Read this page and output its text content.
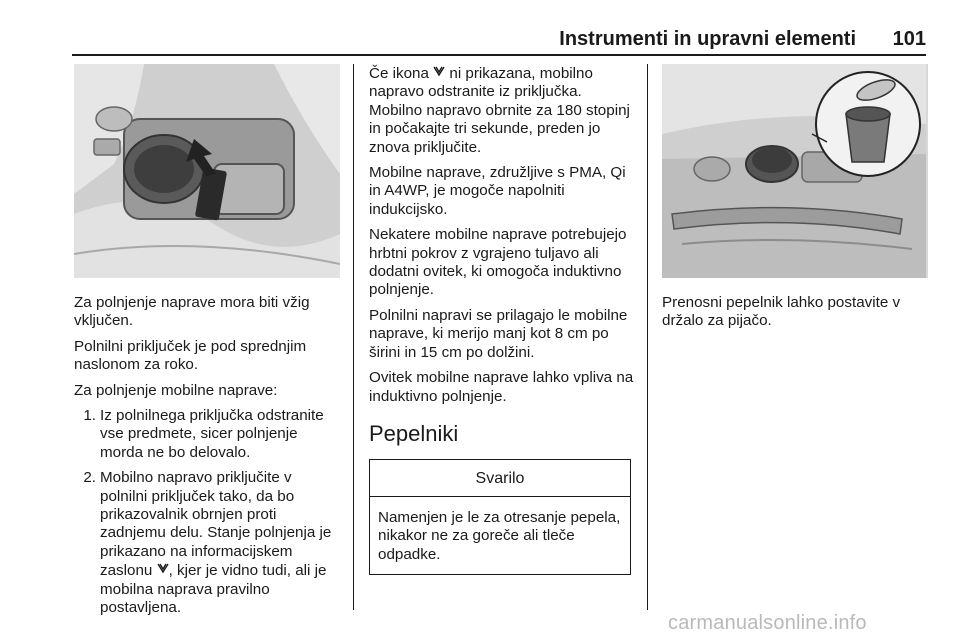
Instrumenti in upravni elementi 101

Za polnjenje naprave mora biti vžig vključen.

Polnilni priključek je pod sprednjim naslonom za roko.

Za polnjenje mobilne naprave:

1. Iz polnilnega priključka odstranite vse predmete, sicer polnjenje morda ne bo delovalo.
2. Mobilno napravo priključite v polnilni priključek tako, da bo prikazovalnik obrnjen proti zadnjemu delu. Stanje polnjenja je prikazano na informacijskem zaslonu , kjer je vidno tudi, ali je mobilna naprava pravilno postavljena.

Če ikona  ni prikazana, mobilno napravo odstranite iz priključka. Mobilno napravo obrnite za 180 stopinj in počakajte tri sekunde, preden jo znova priključite.

Mobilne naprave, združljive s PMA, Qi in A4WP, je mogoče napolniti indukcijsko.

Nekatere mobilne naprave potrebujejo hrbtni pokrov z vgrajeno tuljavo ali dodatni ovitek, ki omogoča induktivno polnjenje.

Polnilni napravi se prilagajo le mobilne naprave, ki merijo manj kot 8 cm po širini in 15 cm po dolžini.

Ovitek mobilne naprave lahko vpliva na induktivno polnjenje.

Pepelniki
Svarilo
Namenjen je le za otresanje pepela, nikakor ne za goreče ali tleče odpadke.

Prenosni pepelnik lahko postavite v držalo za pijačo.

carmanualsonline.info
